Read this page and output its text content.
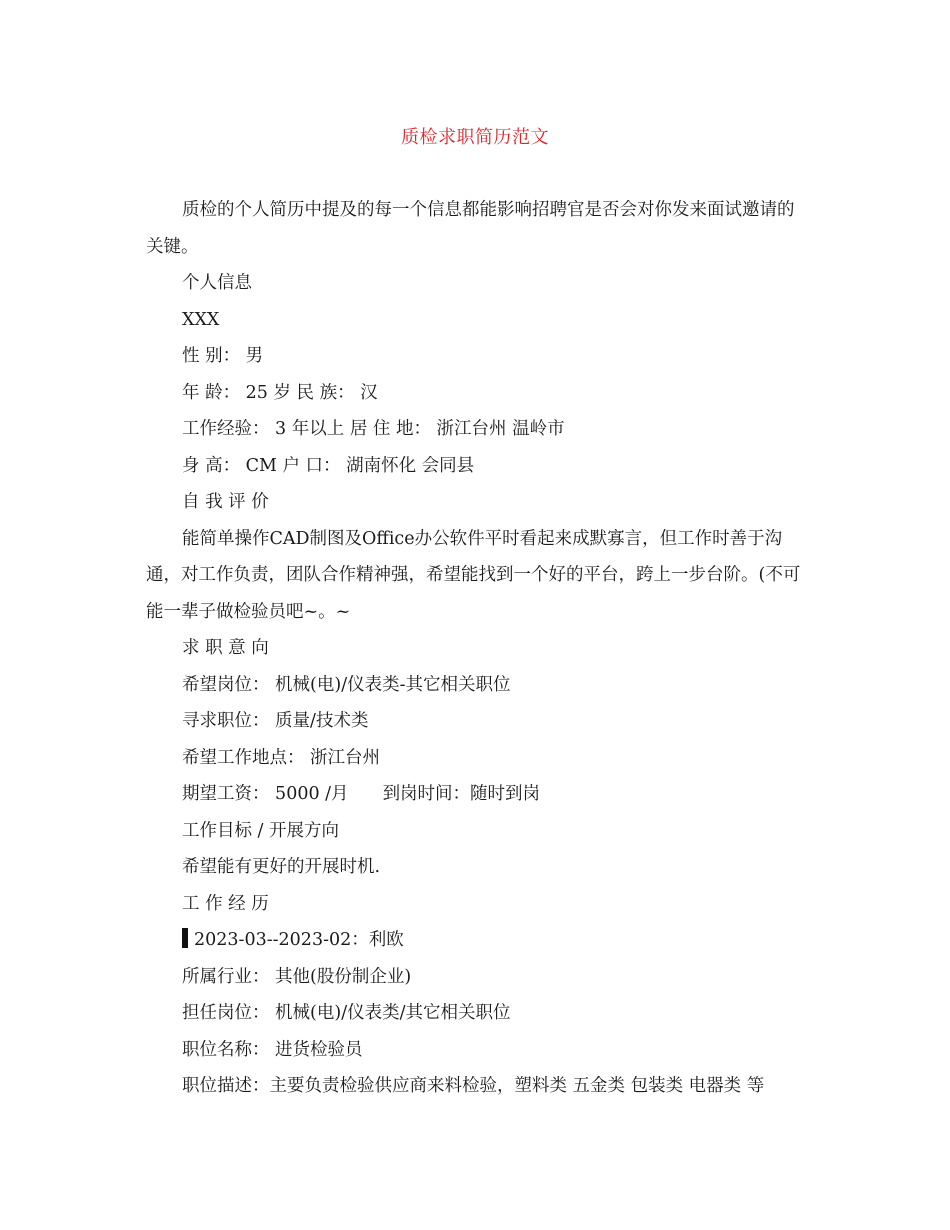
质检求职简历范文

质检的个人简历中提及的每一个信息都能影响招聘官是否会对你发来面试邀请的关键。

个人信息

XXX

性 别： 男

年 龄： 25 岁 民 族： 汉

工作经验： 3 年以上 居 住 地： 浙江台州 温岭市

身 高： CM 户 口： 湖南怀化 会同县

自 我 评 价

能简单操作CAD制图及Office办公软件平时看起来成默寡言，但工作时善于沟通，对工作负责，团队合作精神强，希望能找到一个好的平台，跨上一步台阶。(不可能一辈子做检验员吧~。~

求 职 意 向

希望岗位： 机械(电)/仪表类-其它相关职位

寻求职位： 质量/技术类

希望工作地点： 浙江台州

期望工资： 5000 /月 到岗时间：随时到岗

工作目标 / 开展方向

希望能有更好的开展时机.

工 作 经 历

2023-03--2023-02：利欧

所属行业： 其他(股份制企业)

担任岗位： 机械(电)/仪表类/其它相关职位

职位名称： 进货检验员

职位描述：主要负责检验供应商来料检验，塑料类 五金类 包装类 电器类 等
